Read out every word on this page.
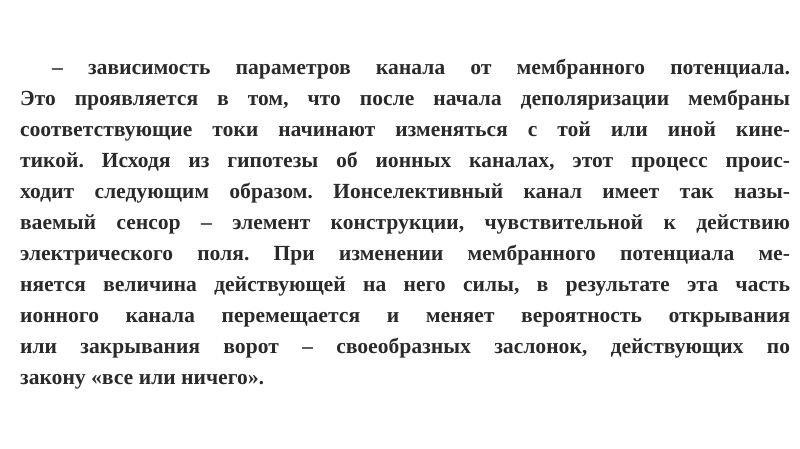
– зависимость параметров канала от мембранного потенциала.
Это проявляется в том, что после начала деполяризации мембраны
соответствующие токи начинают изменяться с той или иной кине-
тикой. Исходя из гипотезы об ионных каналах, этот процесс проис-
ходит следующим образом. Ионселективный канал имеет так назы-
ваемый сенсор – элемент конструкции, чувствительной к действию
электрического поля. При изменении мембранного потенциала ме-
няется величина действующей на него силы, в результате эта часть
ионного канала перемещается и меняет вероятность открывания
или закрывания ворот – своеобразных заслонок, действующих по
закону «все или ничего».
